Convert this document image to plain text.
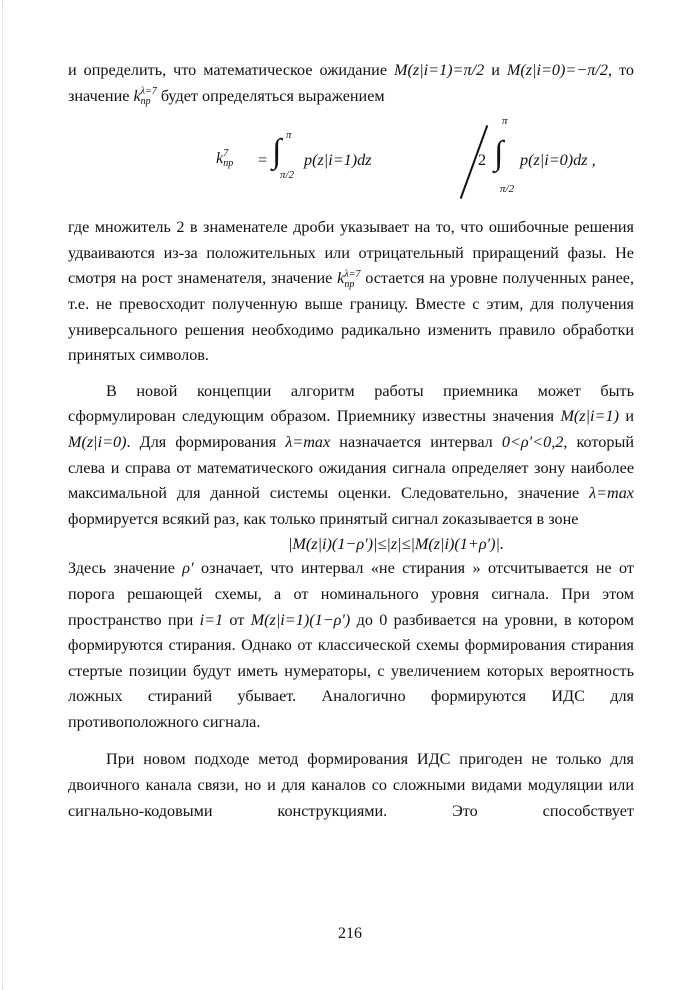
и определить, что математическое ожидание M(z|i=1)=π/2 и M(z|i=0)=−π/2, то значение k λ=7
пр будет определяться выражением

k 7
пр = ∫ π
π/2
p(z|i=1)dz	2 ∫
π
π/2
p(z|i=0)dz ,

где множитель 2 в знаменателе дроби указывает на то, что ошибочные решения удваиваются из-за положительных или отрицательный приращений фазы. Не смотря на рост знаменателя, значение k λ=7
пр остается на уровне полученных ранее, т.е. не превосходит полученную выше границу. Вместе с этим, для получения универсального решения необходимо радикально изменить правило обработки принятых символов.

В новой концепции алгоритм работы приемника может быть сформулирован следующим образом. Приемнику известны значения M(z|i=1) и M(z|i=0). Для формирования λ=max назначается интервал 0<ρ′<0,2, который слева и справа от математического ожидания сигнала определяет зону наиболее максимальной для данной системы оценки. Следовательно, значение λ=max формируется всякий раз, как только принятый сигнал zоказывается в зоне

|M(z|i)(1−ρ′)|≤|z|≤|M(z|i)(1+ρ′)|.

Здесь значение ρ′ означает, что интервал «не стирания » отсчитывается не от порога решающей схемы, а от номинального уровня сигнала. При этом пространство при i=1 от M(z|i=1)(1−ρ′) до 0 разбивается на уровни, в котором формируются стирания. Однако от классической схемы формирования стирания стертые позиции будут иметь нумераторы, с увеличением которых вероятность ложных стираний убывает. Аналогично формируются ИДС для противоположного сигнала.

При новом подходе метод формирования ИДС пригоден не только для двоичного канала связи, но и для каналов со сложными видами модуляции или сигнально-кодовыми конструкциями. Это способствует

216
